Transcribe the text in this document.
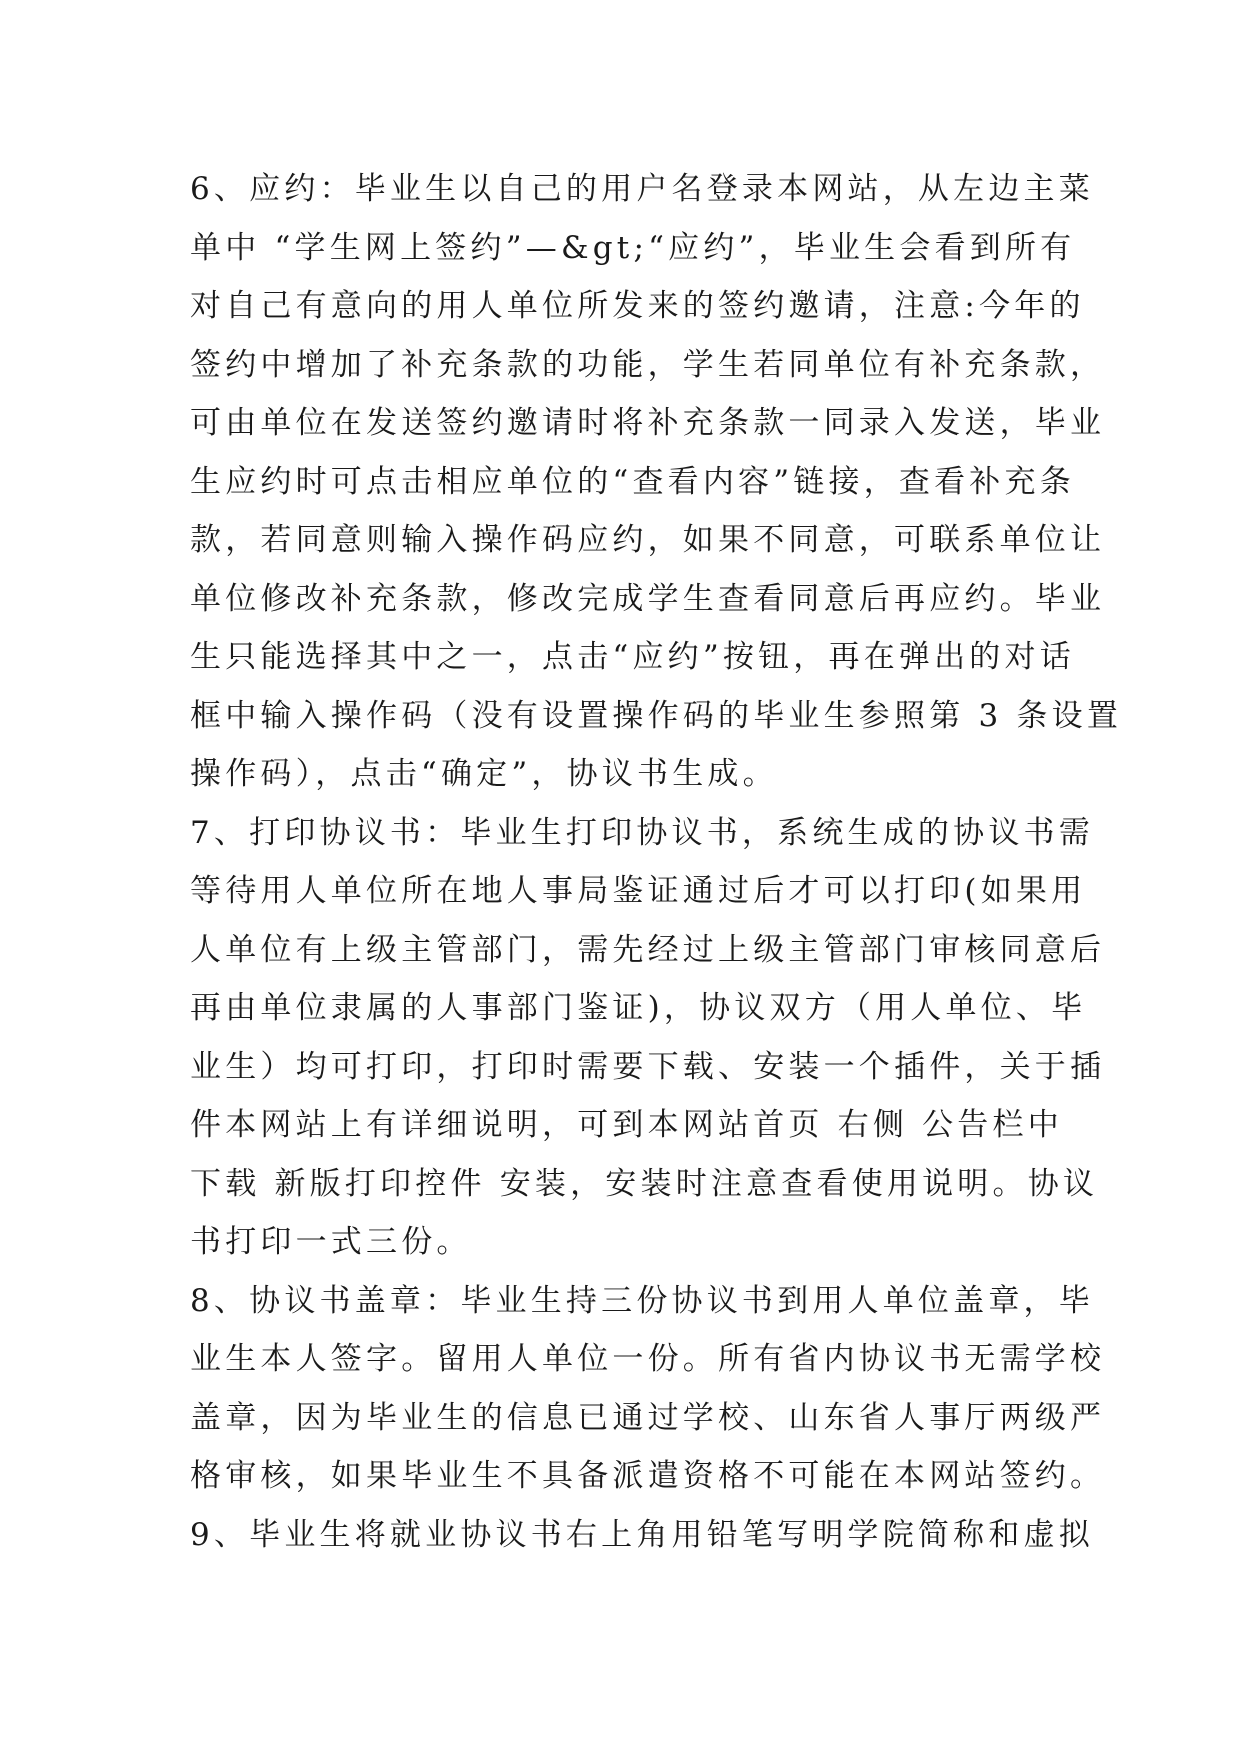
6、应约：毕业生以自己的用户名登录本网站，从左边主菜
单中 “学生网上签约”—&gt;“应约”，毕业生会看到所有
对自己有意向的用人单位所发来的签约邀请，注意:今年的
签约中增加了补充条款的功能，学生若同单位有补充条款，
可由单位在发送签约邀请时将补充条款一同录入发送，毕业
生应约时可点击相应单位的“查看内容”链接，查看补充条
款，若同意则输入操作码应约，如果不同意，可联系单位让
单位修改补充条款，修改完成学生查看同意后再应约。毕业
生只能选择其中之一，点击“应约”按钮，再在弹出的对话
框中输入操作码（没有设置操作码的毕业生参照第 3 条设置
操作码），点击“确定”，协议书生成。
7、打印协议书：毕业生打印协议书，系统生成的协议书需
等待用人单位所在地人事局鉴证通过后才可以打印(如果用
人单位有上级主管部门，需先经过上级主管部门审核同意后
再由单位隶属的人事部门鉴证)，协议双方（用人单位、毕
业生）均可打印，打印时需要下载、安装一个插件，关于插
件本网站上有详细说明，可到本网站首页 右侧 公告栏中
下载 新版打印控件 安装，安装时注意查看使用说明。协议
书打印一式三份。
8、协议书盖章：毕业生持三份协议书到用人单位盖章，毕
业生本人签字。留用人单位一份。所有省内协议书无需学校
盖章，因为毕业生的信息已通过学校、山东省人事厅两级严
格审核，如果毕业生不具备派遣资格不可能在本网站签约。
9、毕业生将就业协议书右上角用铅笔写明学院简称和虚拟
